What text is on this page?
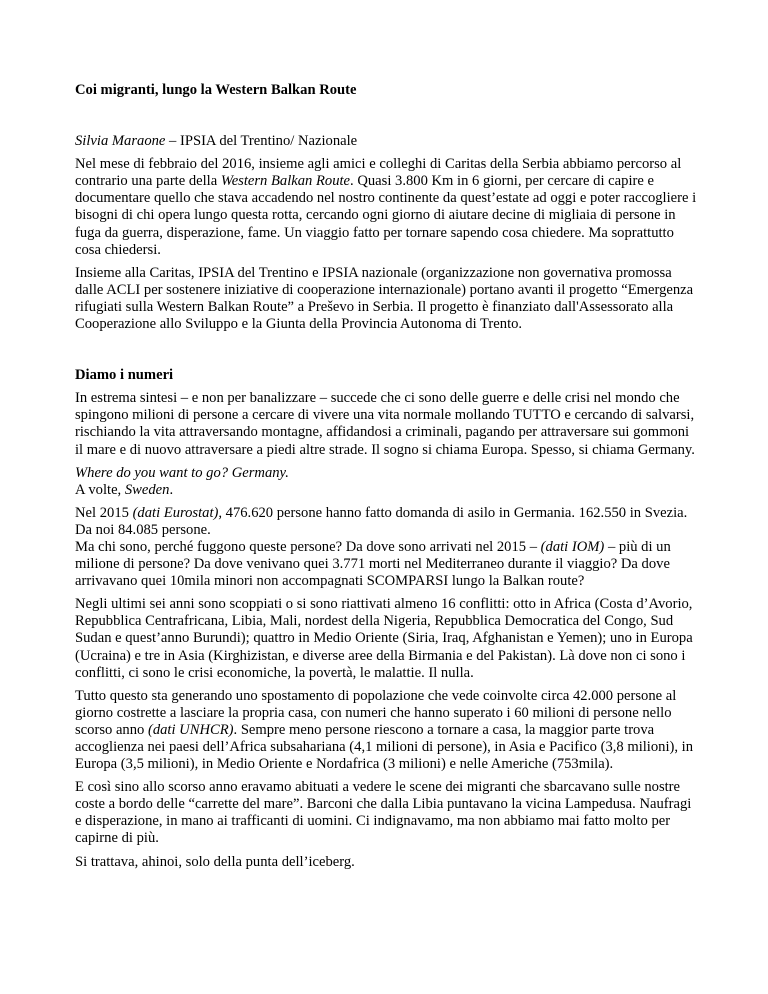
Coi migranti, lungo la Western Balkan Route

Silvia Maraone – IPSIA del Trentino/ Nazionale

Nel mese di febbraio del 2016, insieme agli amici e colleghi di Caritas della Serbia abbiamo percorso al contrario una parte della Western Balkan Route. Quasi 3.800 Km in 6 giorni, per cercare di capire e documentare quello che stava accadendo nel nostro continente da quest’estate ad oggi e poter raccogliere i bisogni di chi opera lungo questa rotta, cercando ogni giorno di aiutare decine di migliaia di persone in fuga da guerra, disperazione, fame. Un viaggio fatto per tornare sapendo cosa chiedere. Ma soprattutto cosa chiedersi.

Insieme alla Caritas, IPSIA del Trentino e IPSIA nazionale (organizzazione non governativa promossa dalle ACLI per sostenere iniziative di cooperazione internazionale) portano avanti il progetto “Emergenza rifugiati sulla Western Balkan Route” a Preševo in Serbia. Il progetto è finanziato dall'Assessorato alla Cooperazione allo Sviluppo e la Giunta della Provincia Autonoma di Trento.

Diamo i numeri

In estrema sintesi – e non per banalizzare – succede che ci sono delle guerre e delle crisi nel mondo che spingono milioni di persone a cercare di vivere una vita normale mollando TUTTO e cercando di salvarsi, rischiando la vita attraversando montagne, affidandosi a criminali, pagando per attraversare sui gommoni il mare e di nuovo attraversare a piedi altre strade. Il sogno si chiama Europa. Spesso, si chiama Germany.

Where do you want to go? Germany.
A volte, Sweden.

Nel 2015 (dati Eurostat), 476.620 persone hanno fatto domanda di asilo in Germania. 162.550 in Svezia. Da noi 84.085 persone.
Ma chi sono, perché fuggono queste persone? Da dove sono arrivati nel 2015 – (dati IOM) – più di un milione di persone? Da dove venivano quei 3.771 morti nel Mediterraneo durante il viaggio? Da dove arrivavano quei 10mila minori non accompagnati SCOMPARSI lungo la Balkan route?

Negli ultimi sei anni sono scoppiati o si sono riattivati almeno 16 conflitti: otto in Africa (Costa d’Avorio, Repubblica Centrafricana, Libia, Mali, nordest della Nigeria, Repubblica Democratica del Congo, Sud Sudan e quest’anno Burundi); quattro in Medio Oriente (Siria, Iraq, Afghanistan e Yemen); uno in Europa (Ucraina) e tre in Asia (Kirghizistan, e diverse aree della Birmania e del Pakistan). Là dove non ci sono i conflitti, ci sono le crisi economiche, la povertà, le malattie. Il nulla.

Tutto questo sta generando uno spostamento di popolazione che vede coinvolte circa 42.000 persone al giorno costrette a lasciare la propria casa, con numeri che hanno superato i 60 milioni di persone nello scorso anno (dati UNHCR). Sempre meno persone riescono a tornare a casa, la maggior parte trova accoglienza nei paesi dell’Africa subsahariana (4,1 milioni di persone), in Asia e Pacifico (3,8 milioni), in Europa (3,5 milioni), in Medio Oriente e Nordafrica (3 milioni) e nelle Americhe (753mila).

E così sino allo scorso anno eravamo abituati a vedere le scene dei migranti che sbarcavano sulle nostre coste a bordo delle “carrette del mare”. Barconi che dalla Libia puntavano la vicina Lampedusa. Naufragi e disperazione, in mano ai trafficanti di uomini. Ci indignavamo, ma non abbiamo mai fatto molto per capirne di più.

Si trattava, ahinoi, solo della punta dell’iceberg.
